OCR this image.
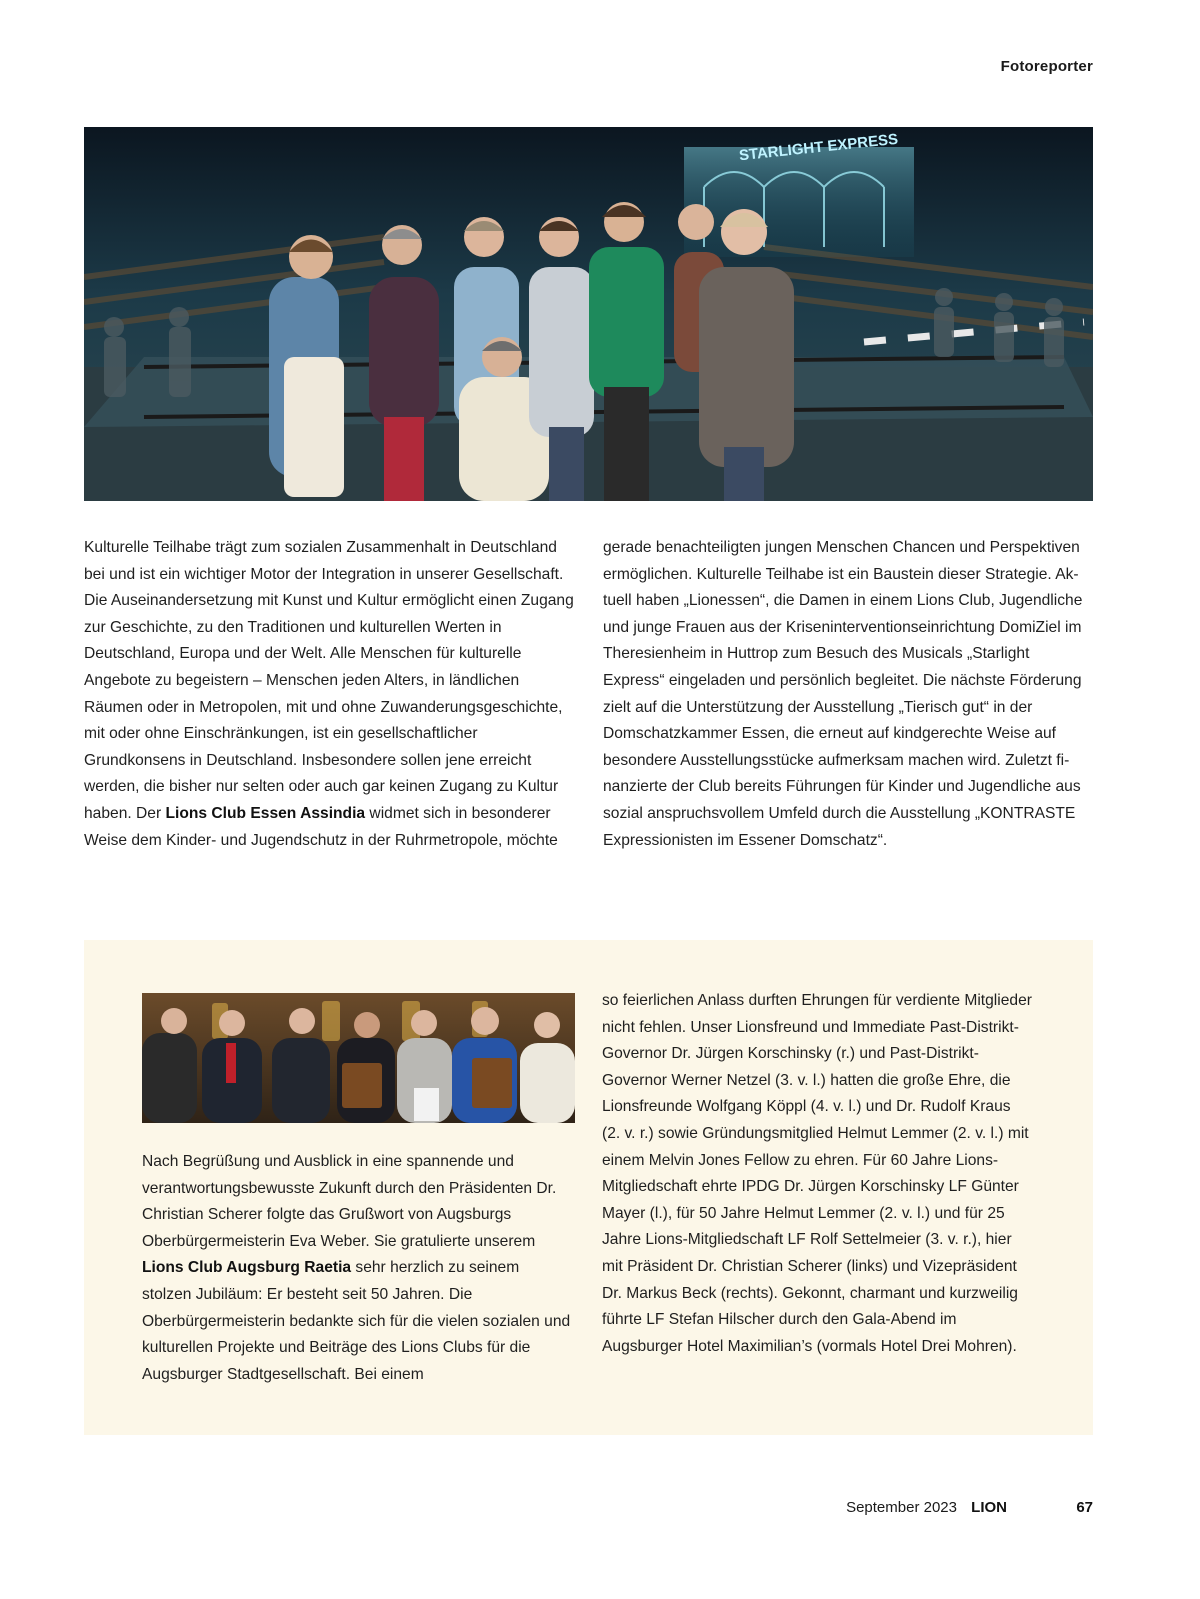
Fotoreporter
STARLIGHT EXPRESS

Kulturelle Teilhabe trägt zum sozialen Zusammenhalt in Deutschland bei und ist ein wichtiger Motor der Integration in unserer Gesellschaft. Die Auseinandersetzung mit Kunst und Kultur ermöglicht einen Zugang zur Geschichte, zu den Traditionen und kulturellen Werten in Deutschland, Europa und der Welt. Alle Menschen für kulturelle Angebote zu begeistern – Menschen jeden Alters, in ländlichen Räumen oder in Metropolen, mit und ohne Zuwanderungsgeschichte, mit oder ohne Einschränkungen, ist ein gesellschaftlicher Grundkonsens in Deutschland. Insbesondere sollen jene erreicht werden, die bisher nur selten oder auch gar keinen Zugang zu Kultur haben. Der Lions Club Essen Assindia widmet sich in besonderer Weise dem Kinder- und Jugendschutz in der Ruhrmetropole, möchte

gerade benachteiligten jungen Menschen Chancen und Perspektiven ermöglichen. Kulturelle Teilhabe ist ein Baustein dieser Strategie. Aktuell haben „Lionessen“, die Damen in einem Lions Club, Jugendliche und junge Frauen aus der Kriseninterventionseinrichtung DomiZiel im Theresienheim in Huttrop zum Besuch des Musicals „Starlight Express“ eingeladen und persönlich begleitet. Die nächste Förderung zielt auf die Unterstützung der Ausstellung „Tierisch gut“ in der Domschatzkammer Essen, die erneut auf kindgerechte Weise auf besondere Ausstellungsstücke aufmerksam machen wird. Zuletzt finanzierte der Club bereits Führungen für Kinder und Jugendliche aus sozial anspruchsvollem Umfeld durch die Ausstellung „KONTRASTE Expressionisten im Essener Domschatz“.

Nach Begrüßung und Ausblick in eine spannende und verantwortungsbewusste Zukunft durch den Präsidenten Dr. Christian Scherer folgte das Grußwort von Augsburgs Oberbürgermeisterin Eva Weber. Sie gratulierte unserem Lions Club Augsburg Raetia sehr herzlich zu seinem stolzen Jubiläum: Er besteht seit 50 Jahren. Die Oberbürgermeisterin bedankte sich für die vielen sozialen und kulturellen Projekte und Beiträge des Lions Clubs für die Augsburger Stadtgesellschaft. Bei einem

so feierlichen Anlass durften Ehrungen für verdiente Mitglieder nicht fehlen. Unser Lionsfreund und Immediate Past-Distrikt-Governor Dr. Jürgen Korschinsky (r.) und Past-Distrikt-Governor Werner Netzel (3. v. l.) hatten die große Ehre, die Lionsfreunde Wolfgang Köppl (4. v. l.) und Dr. Rudolf Kraus (2. v. r.) sowie Gründungsmitglied Helmut Lemmer (2. v. l.) mit einem Melvin Jones Fellow zu ehren. Für 60 Jahre Lions-Mitgliedschaft ehrte IPDG Dr. Jürgen Korschinsky LF Günter Mayer (l.), für 50 Jahre Helmut Lemmer (2. v. l.) und für 25 Jahre Lions-Mitgliedschaft LF Rolf Settelmeier (3. v. r.), hier mit Präsident Dr. Christian Scherer (links) und Vizepräsident Dr. Markus Beck (rechts). Gekonnt, charmant und kurzweilig führte LF Stefan Hilscher durch den Gala-Abend im Augsburger Hotel Maximilian’s (vormals Hotel Drei Mohren).

September 2023 LION	67
